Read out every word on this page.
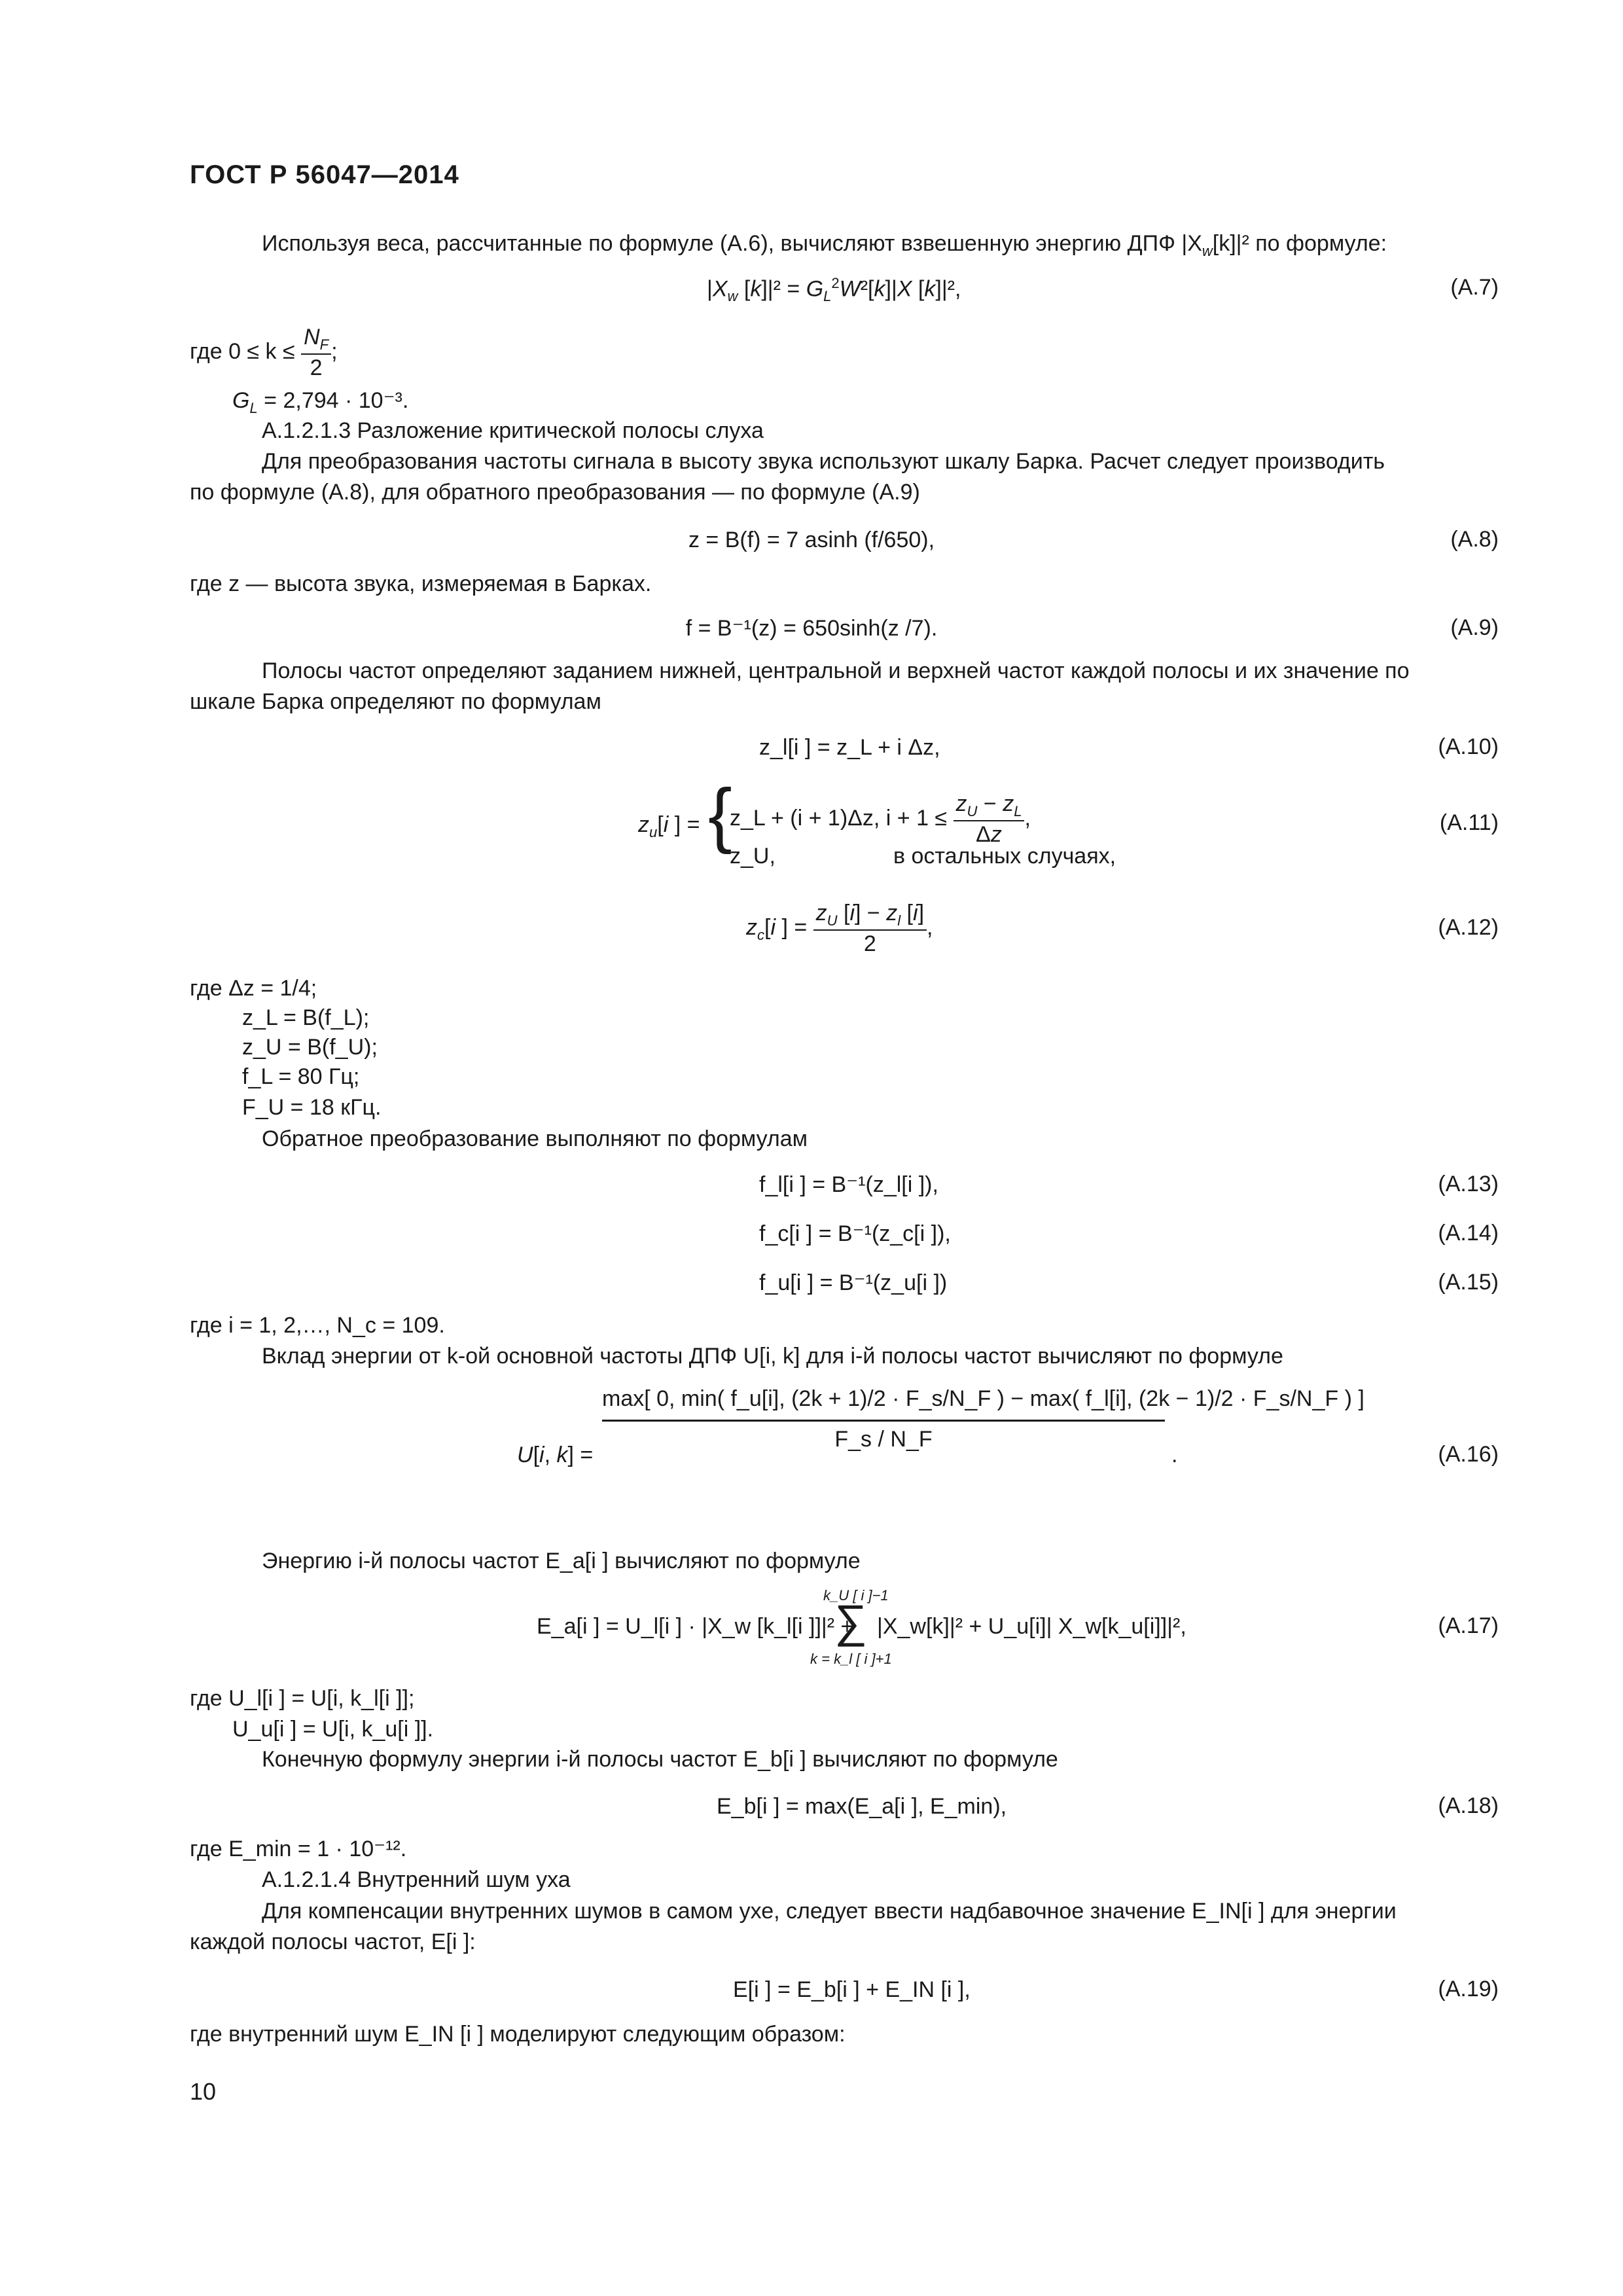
ГОСТ Р 56047—2014
Используя веса, рассчитанные по формуле (А.6), вычисляют взвешенную энергию ДПФ $|X_w[k]|^2$ по формуле:
$|X_w$ $[k]|^2 = G_L^2W^2[k]|X$ [k]|²,	(А.7)
где $0 \le k \le \frac{N_F}{2}$ ;
$G_L = 2,794 \cdot 10^{-3}$.
А.1.2.1.3 Разложение критической полосы слуха
Для преобразования частоты сигнала в высоту звука используют шкалу Барка. Расчет следует производить
по формуле (А.8), для обратного преобразования — по формуле (А.9)
z = B(f) = 7 asinh (f/650),	(А.8)
где z — высота звука, измеряемая в Барках.
f = B⁻¹(z) = 650sinh(z /7).	(А.9)
Полосы частот определяют заданием нижней, центральной и верхней частот каждой полосы и их значение по
шкале Барка определяют по формулам
z_l[i ] = z_L + i Δz,	(А.10)
$z_u[i$ ] = {
z_L + (i + 1)Δz, $i + 1 \le \frac{z_U - z_L}{\Delta z}$ ,
z_U,	в остальных случаях,
(А.11)
$z_c[i$ ] = $\frac{z_U [i] - z_l [i]}{2}$ ,	(А.12)
где Δz = 1/4;
z_L = B(f_L);
z_U = B(f_U);
f_L = 80 Гц;
F_U = 18 кГц.
Обратное преобразование выполняют по формулам
f_l[i ] = B⁻¹(z_l[i ]),	(А.13)
f_c[i ] = B⁻¹(z_c[i ]),	(А.14)
f_u[i ] = B⁻¹(z_u[i ])	(А.15)
где i = 1, 2,…, N_c = 109.
Вклад энергии от k-ой основной частоты ДПФ U[i, k] для i-й полосы частот вычисляют по формуле
U[i, k] =
max[ 0, min( f_u[i], (2k + 1)/2 · F_s/N_F ) − max( f_l[i], (2k − 1)/2 · F_s/N_F ) ]
F_s / N_F
.	(А.16)
Энергию i-й полосы частот E_a[i ] вычисляют по формуле
E_a[i ] = U_l[i ] · |X_w [k_l[i ]]|² +
k_U [ i ]−1
∑
k = k_l [ i ]+1
|X_w[k]|² + U_u[i]| X_w[k_u[i]]|²,	(А.17)
где U_l[i ] = U[i, k_l[i ]];
U_u[i ] = U[i, k_u[i ]].
Конечную формулу энергии i-й полосы частот E_b[i ] вычисляют по формуле
E_b[i ] = max(E_a[i ], E_min),	(А.18)
где E_min = 1 · 10⁻¹².
А.1.2.1.4 Внутренний шум уха
Для компенсации внутренних шумов в самом ухе, следует ввести надбавочное значение E_IN[i ] для энергии
каждой полосы частот, E[i ]:
E[i ] = E_b[i ] + E_IN [i ],	(А.19)
где внутренний шум E_IN [i ] моделируют следующим образом:
10
